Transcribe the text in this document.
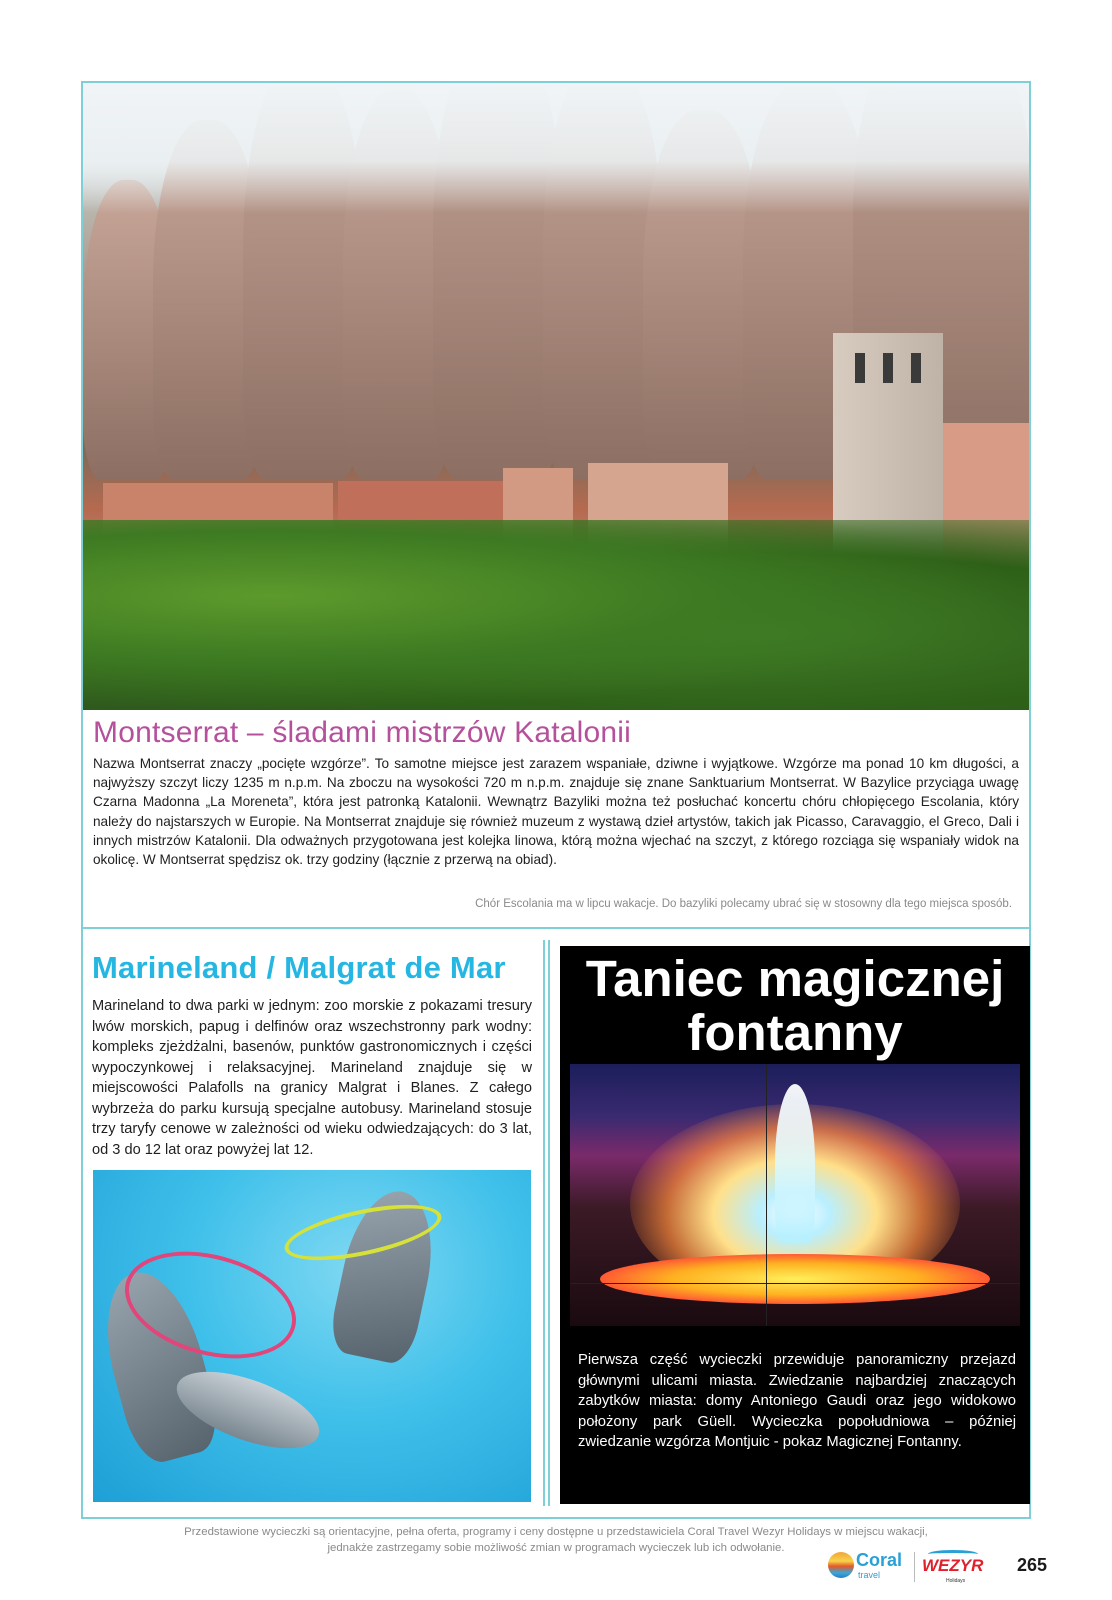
Montserrat – śladami mistrzów Katalonii

Nazwa Montserrat znaczy „pocięte wzgórze”. To samotne miejsce jest zarazem wspaniałe, dziwne i wyjątkowe. Wzgórze ma ponad 10 km długości, a najwyższy szczyt liczy 1235 m n.p.m. Na zboczu na wysokości 720 m n.p.m. znajduje się znane Sanktuarium Montserrat. W Bazylice przyciąga uwagę Czarna Madonna „La Moreneta”, która jest patronką Katalonii. Wewnątrz Bazyliki można też posłuchać koncertu chóru chłopięcego Escolania, który należy do najstarszych w Europie. Na Montserrat znajduje się również muzeum z wystawą dzieł artystów, takich jak Picasso, Caravaggio, el Greco, Dali i innych mistrzów Katalonii. Dla odważnych przygotowana jest kolejka linowa, którą można wjechać na szczyt, z którego rozciąga się wspaniały widok na okolicę. W Montserrat spędzisz ok. trzy godziny (łącznie z przerwą na obiad).

Chór Escolania ma w lipcu wakacje. Do bazyliki polecamy ubrać się w stosowny dla tego miejsca sposób.

Marineland / Malgrat de Mar

Marineland to dwa parki w jednym: zoo morskie z pokazami tresury lwów morskich, papug i delfinów oraz wszechstronny park wodny: kompleks zjeżdżalni, basenów, punktów gastronomicznych i części wypoczynkowej i relaksacyjnej. Marineland znajduje się w miejscowości Palafolls na granicy Malgrat i Blanes. Z całego wybrzeża do parku kursują specjalne autobusy. Marineland stosuje trzy taryfy cenowe w zależności od wieku odwiedzających: do 3 lat, od 3 do 12 lat oraz powyżej lat 12.

Taniec magicznej
fontanny

Pierwsza część wycieczki przewiduje panoramiczny przejazd głównymi ulicami miasta. Zwiedzanie najbardziej znaczących zabytków miasta: domy Antoniego Gaudi oraz jego widokowo położony park Güell. Wycieczka popołudniowa – później zwiedzanie wzgórza Montjuic - pokaz Magicznej Fontanny.

Przedstawione wycieczki są orientacyjne, pełna oferta, programy i ceny dostępne u przedstawiciela Coral Travel Wezyr Holidays w miejscu wakacji,
jednakże zastrzegamy sobie możliwość zmian w programach wycieczek lub ich odwołanie.
Coral
travel WEZYR
Holidays
265
